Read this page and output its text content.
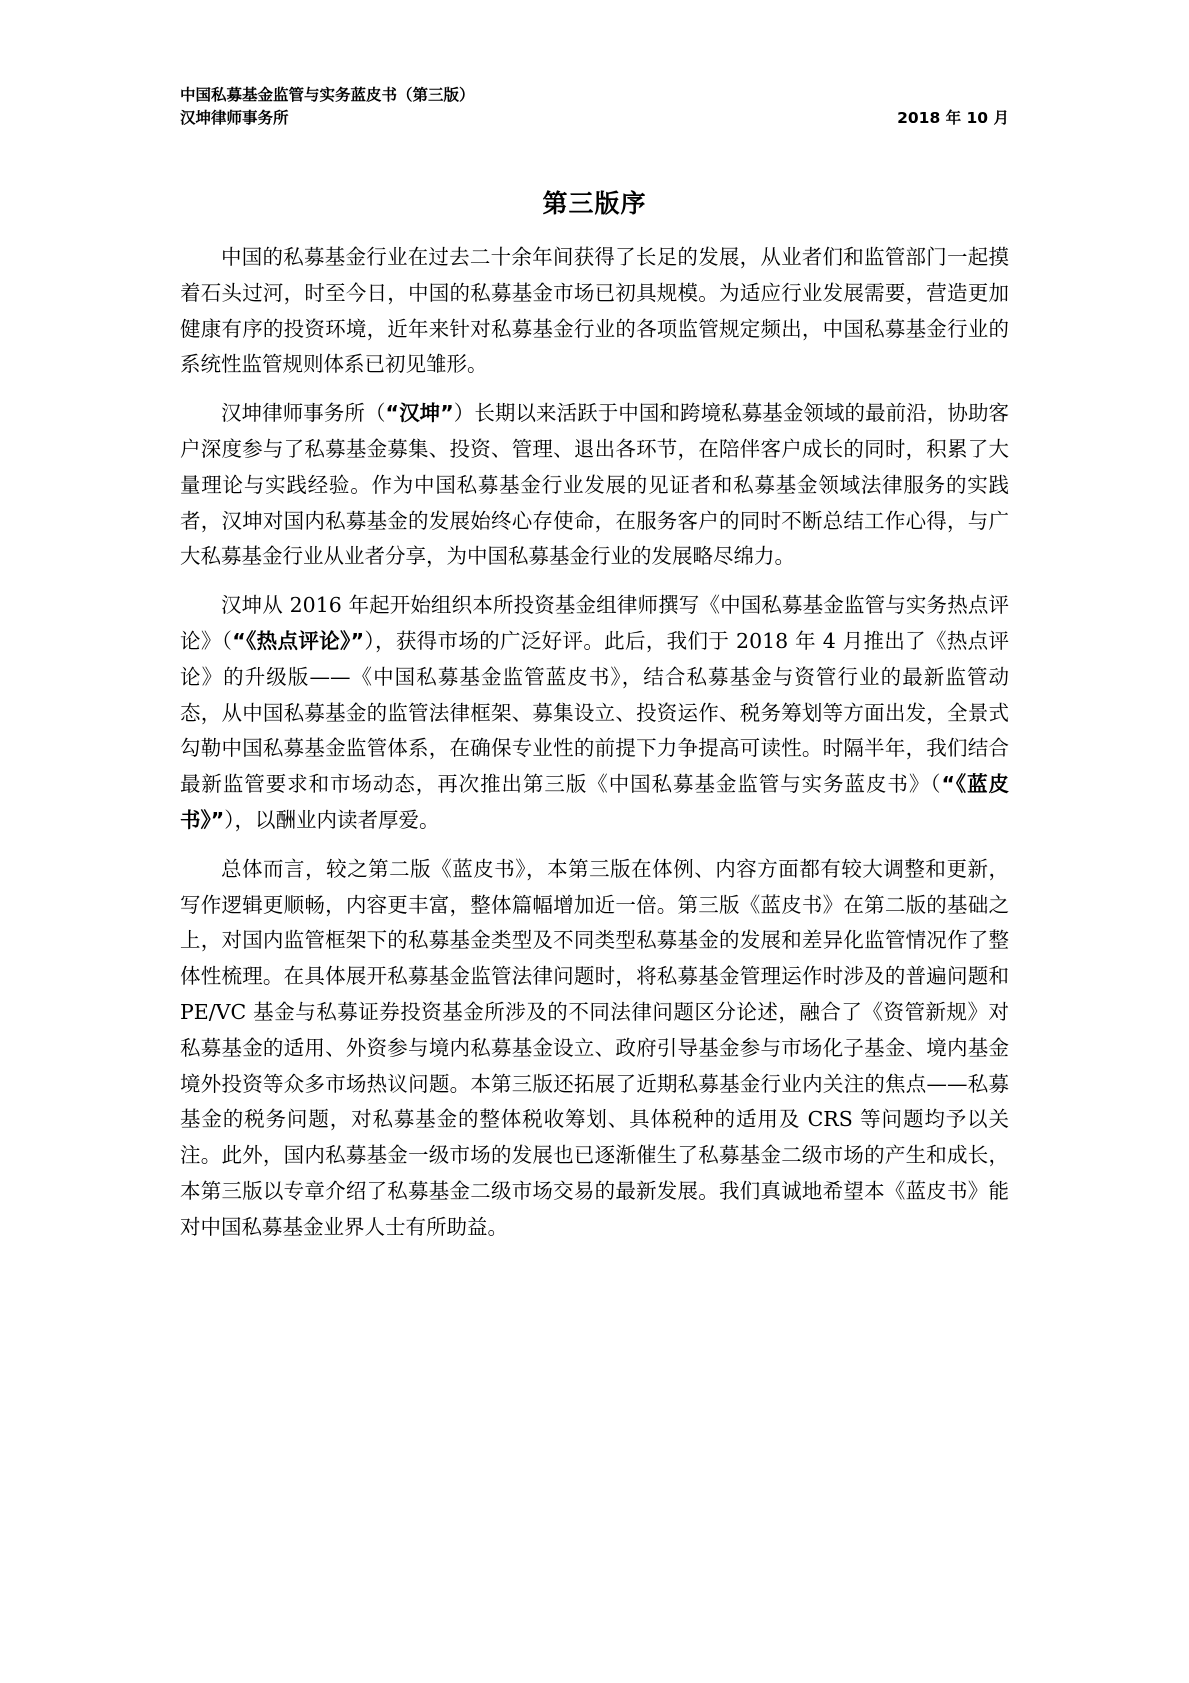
中国私募基金监管与实务蓝皮书（第三版）
汉坤律师事务所	2018 年 10 月
第三版序

中国的私募基金行业在过去二十余年间获得了长足的发展，从业者们和监管部门一起摸着石头过河，时至今日，中国的私募基金市场已初具规模。为适应行业发展需要，营造更加健康有序的投资环境，近年来针对私募基金行业的各项监管规定频出，中国私募基金行业的系统性监管规则体系已初见雏形。

汉坤律师事务所（“汉坤”）长期以来活跃于中国和跨境私募基金领域的最前沿，协助客户深度参与了私募基金募集、投资、管理、退出各环节，在陪伴客户成长的同时，积累了大量理论与实践经验。作为中国私募基金行业发展的见证者和私募基金领域法律服务的实践者，汉坤对国内私募基金的发展始终心存使命，在服务客户的同时不断总结工作心得，与广大私募基金行业从业者分享，为中国私募基金行业的发展略尽绵力。

汉坤从 2016 年起开始组织本所投资基金组律师撰写《中国私募基金监管与实务热点评论》（“《热点评论》”），获得市场的广泛好评。此后，我们于 2018 年 4 月推出了《热点评论》的升级版——《中国私募基金监管蓝皮书》，结合私募基金与资管行业的最新监管动态，从中国私募基金的监管法律框架、募集设立、投资运作、税务筹划等方面出发，全景式勾勒中国私募基金监管体系，在确保专业性的前提下力争提高可读性。时隔半年，我们结合最新监管要求和市场动态，再次推出第三版《中国私募基金监管与实务蓝皮书》（“《蓝皮书》”），以酬业内读者厚爱。

总体而言，较之第二版《蓝皮书》，本第三版在体例、内容方面都有较大调整和更新，写作逻辑更顺畅，内容更丰富，整体篇幅增加近一倍。第三版《蓝皮书》在第二版的基础之上，对国内监管框架下的私募基金类型及不同类型私募基金的发展和差异化监管情况作了整体性梳理。在具体展开私募基金监管法律问题时，将私募基金管理运作时涉及的普遍问题和 PE/VC 基金与私募证券投资基金所涉及的不同法律问题区分论述，融合了《资管新规》对私募基金的适用、外资参与境内私募基金设立、政府引导基金参与市场化子基金、境内基金境外投资等众多市场热议问题。本第三版还拓展了近期私募基金行业内关注的焦点——私募基金的税务问题，对私募基金的整体税收筹划、具体税种的适用及 CRS 等问题均予以关注。此外，国内私募基金一级市场的发展也已逐渐催生了私募基金二级市场的产生和成长，本第三版以专章介绍了私募基金二级市场交易的最新发展。我们真诚地希望本《蓝皮书》能对中国私募基金业界人士有所助益。
